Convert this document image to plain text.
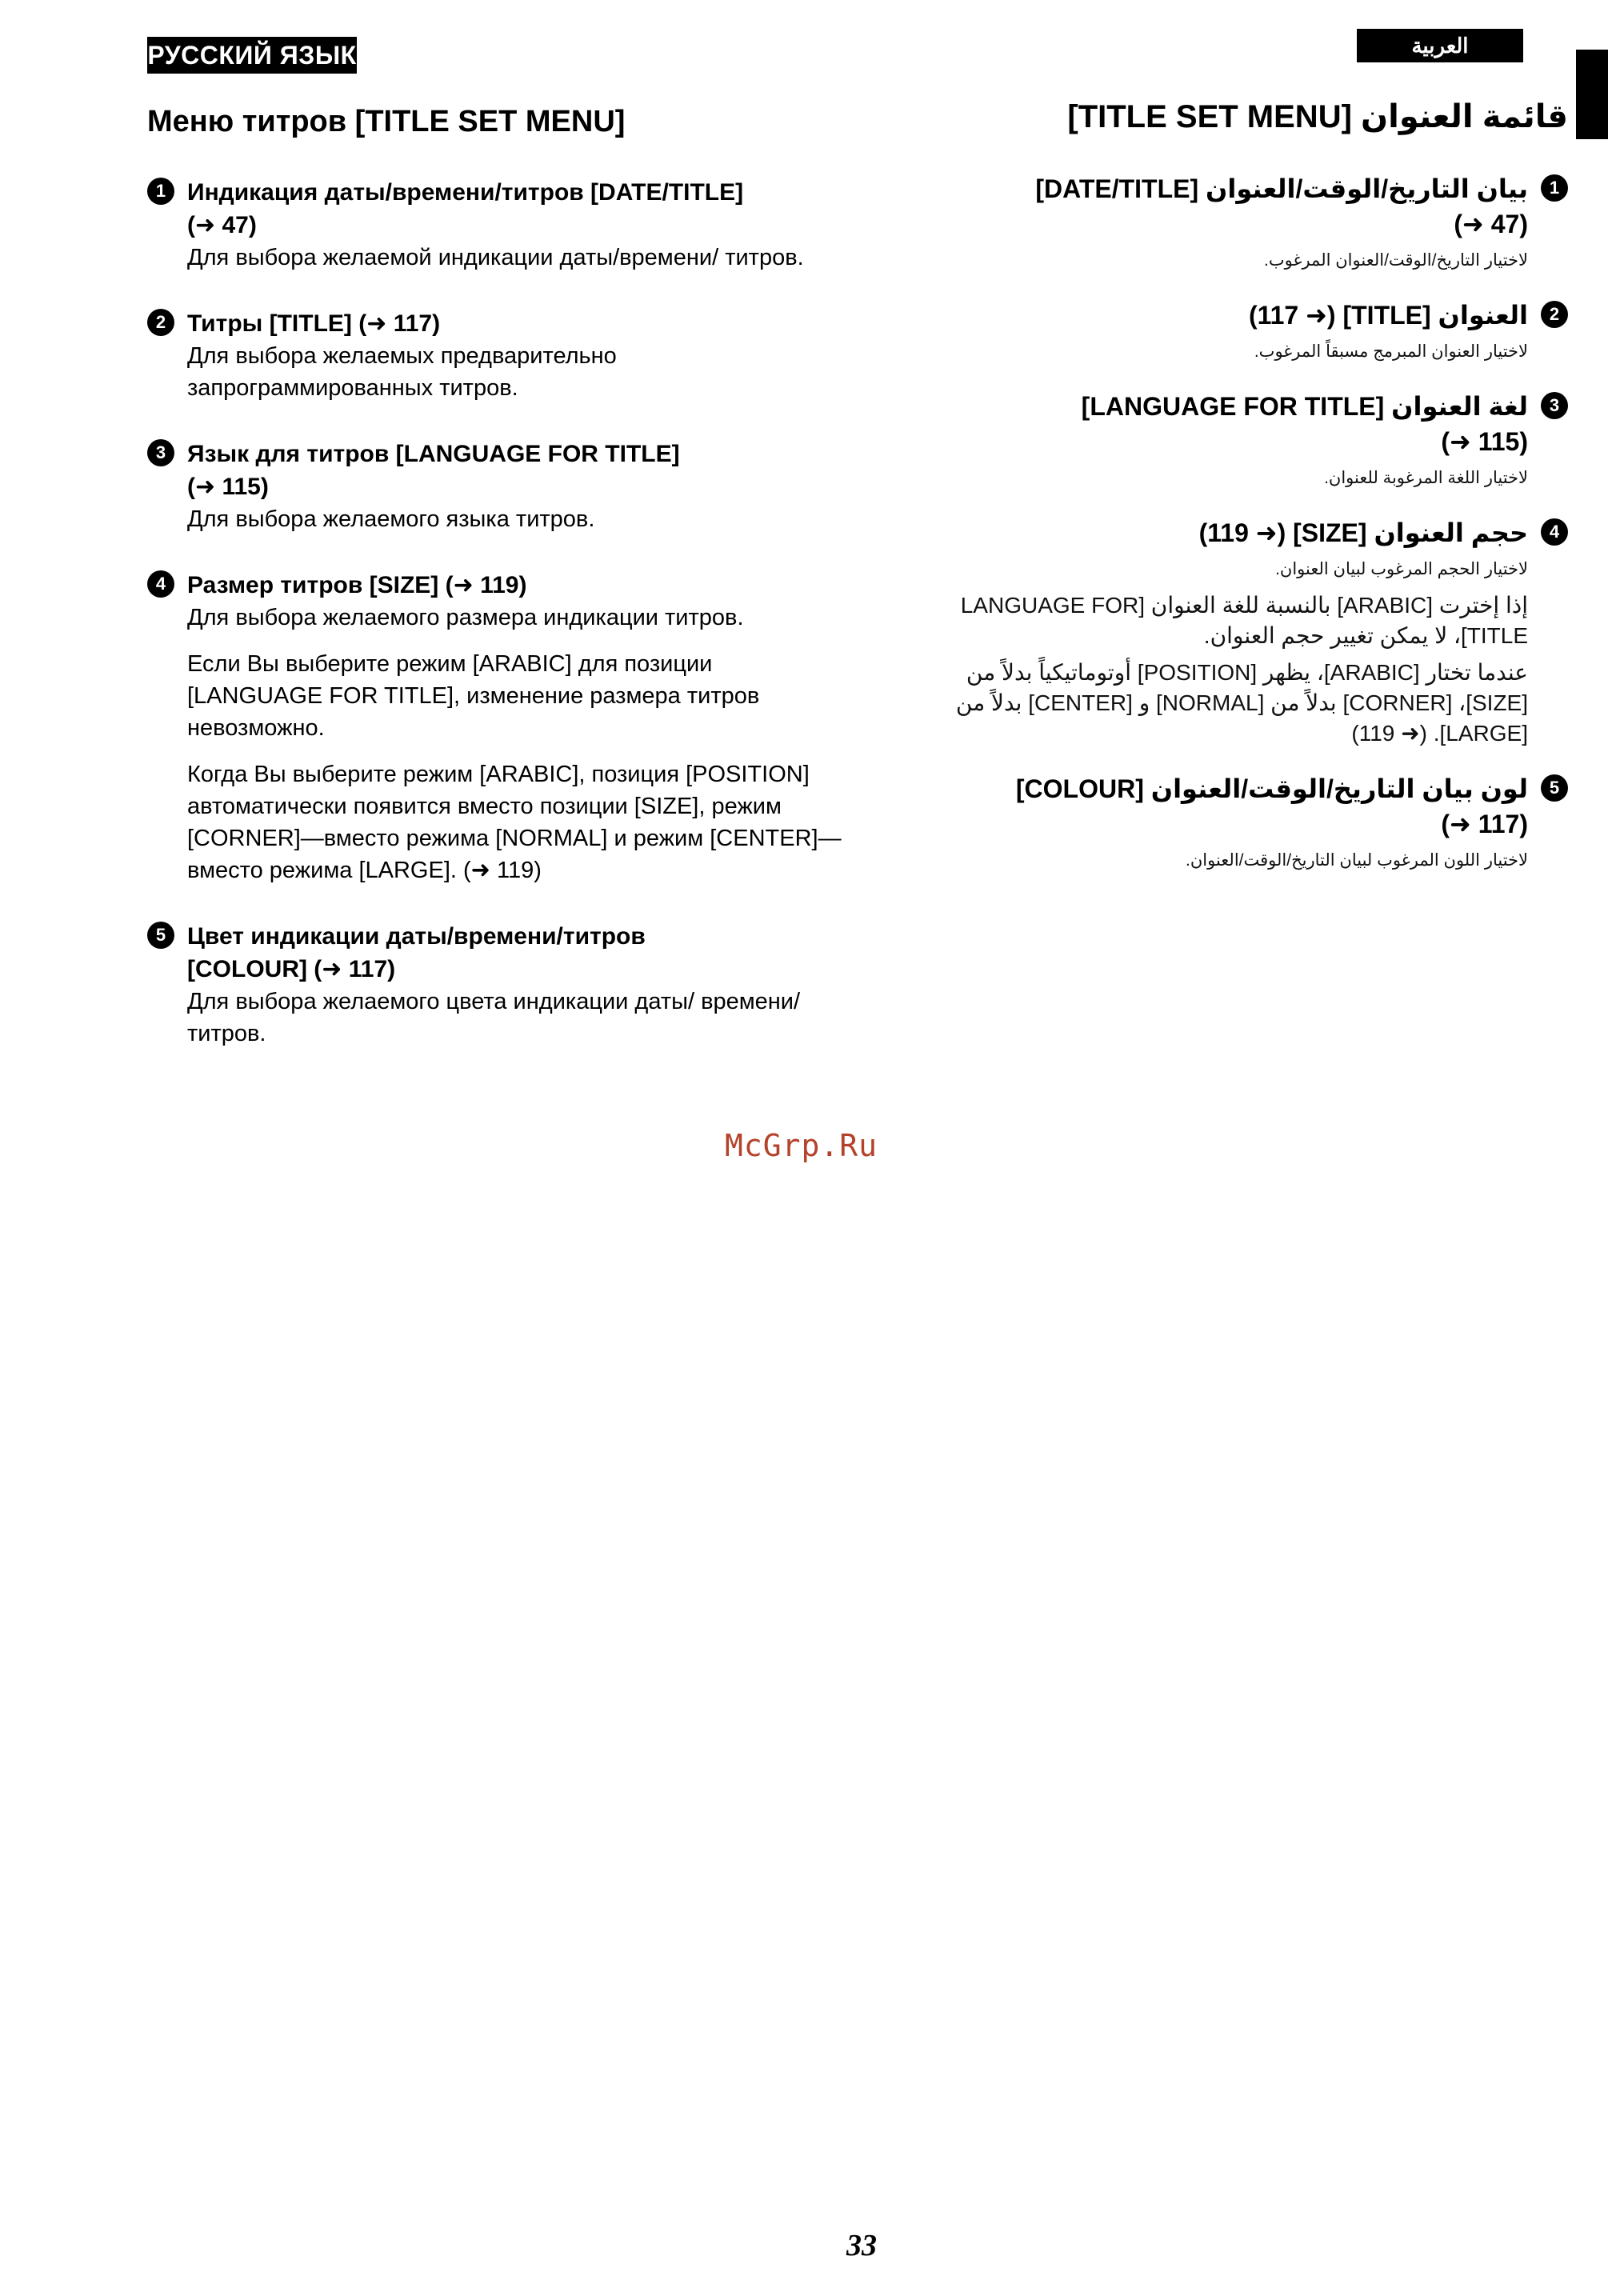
РУССКИЙ ЯЗЫК	العربية
Меню титров [TITLE SET MENU]
1 Индикация даты/времени/титров [DATE/TITLE]
(➜ 47)
Для выбора желаемой индикации даты/времени/ титров.
2 Титры [TITLE] (➜ 117)
Для выбора желаемых предварительно запрограммированных титров.
3 Язык для титров [LANGUAGE FOR TITLE]
(➜ 115)
Для выбора желаемого языка титров.
4 Размер титров [SIZE] (➜ 119)
Для выбора желаемого размера индикации титров.
Если Вы выберите режим [ARABIC] для позиции [LANGUAGE FOR TITLE], изменение размера титров невозможно.
Когда Вы выберите режим [ARABIC], позиция [POSITION] автоматически появится вместо позиции [SIZE], режим [CORNER]—вместо режима [NORMAL] и режим [CENTER]—вместо режима [LARGE]. (➜ 119)
5 Цвет индикации даты/времени/титров
[COLOUR] (➜ 117)
Для выбора желаемого цвета индикации даты/ времени/титров.
قائمة العنوان [TITLE SET MENU]
1
بيان التاريخ/الوقت/العنوان [DATE/TITLE]
(➜ 47)
لاختيار التاريخ/الوقت/العنوان المرغوب.
2
العنوان [TITLE] (➜ 117)
لاختيار العنوان المبرمج مسبقاً المرغوب.
3
لغة العنوان [LANGUAGE FOR TITLE]
(➜ 115)
لاختيار اللغة المرغوبة للعنوان.
4
حجم العنوان [SIZE] (➜ 119)
لاختيار الحجم المرغوب لبيان العنوان.
إذا إخترت [ARABIC] بالنسبة للغة العنوان [LANGUAGE FOR TITLE]، لا يمكن تغيير حجم العنوان.
عندما تختار [ARABIC]، يظهر [POSITION] أوتوماتيكياً بدلاً من [SIZE]، [CORNER] بدلاً من [NORMAL] و [CENTER] بدلاً من [LARGE]. (➜ 119)
5
لون بيان التاريخ/الوقت/العنوان [COLOUR]
(➜ 117)
لاختيار اللون المرغوب لبيان التاريخ/الوقت/العنوان.
McGrp.Ru
33
